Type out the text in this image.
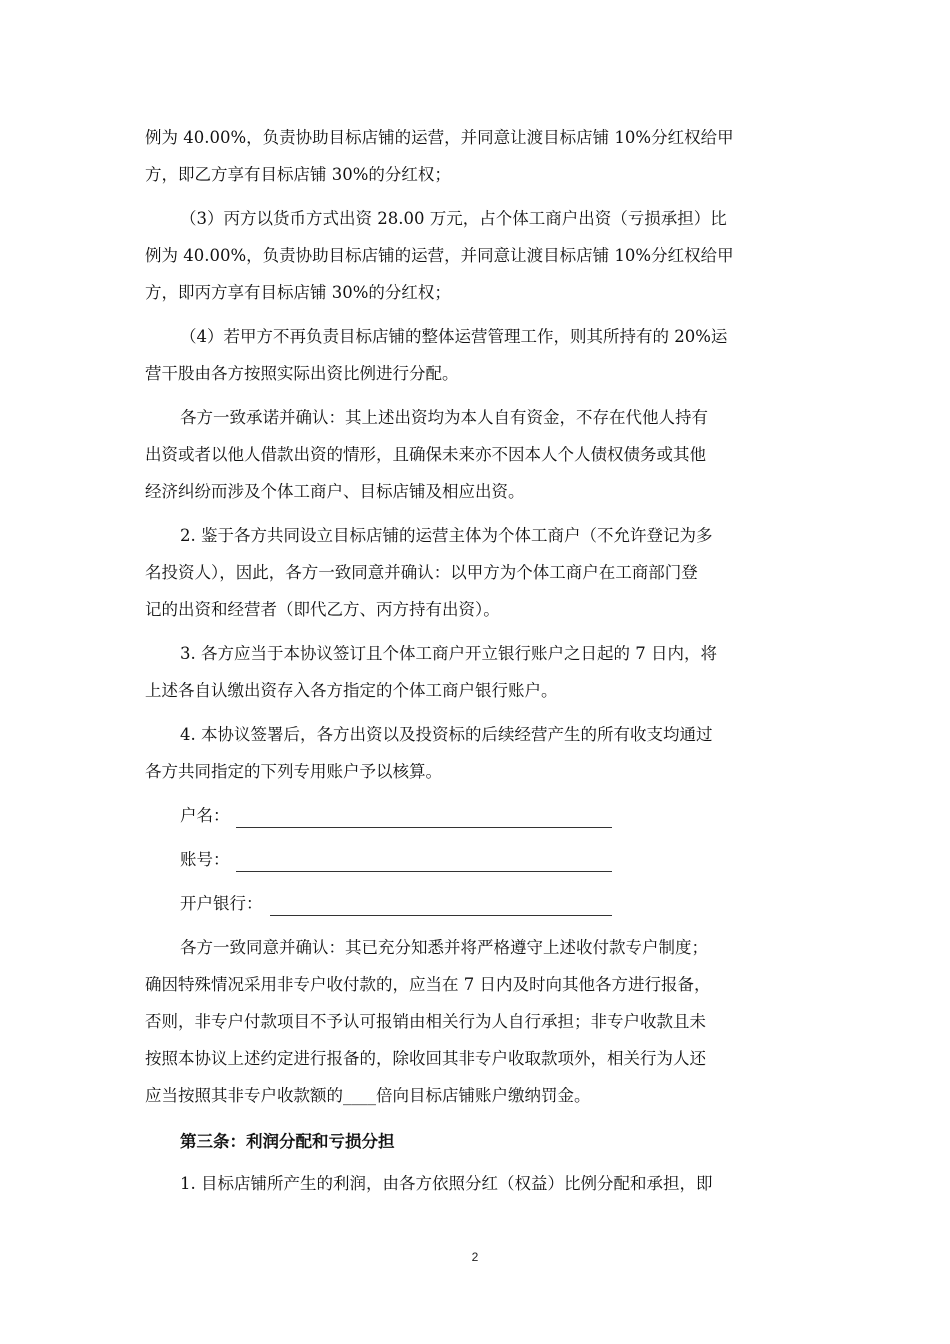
例为 40.00%，负责协助目标店铺的运营，并同意让渡目标店铺 10%分红权给甲
方，即乙方享有目标店铺 30%的分红权；
（3）丙方以货币方式出资 28.00 万元，占个体工商户出资（亏损承担）比
例为 40.00%，负责协助目标店铺的运营，并同意让渡目标店铺 10%分红权给甲
方，即丙方享有目标店铺 30%的分红权；
（4）若甲方不再负责目标店铺的整体运营管理工作，则其所持有的 20%运
营干股由各方按照实际出资比例进行分配。
各方一致承诺并确认：其上述出资均为本人自有资金，不存在代他人持有
出资或者以他人借款出资的情形，且确保未来亦不因本人个人债权债务或其他
经济纠纷而涉及个体工商户、目标店铺及相应出资。
2. 鉴于各方共同设立目标店铺的运营主体为个体工商户（不允许登记为多
名投资人），因此，各方一致同意并确认：以甲方为个体工商户在工商部门登
记的出资和经营者（即代乙方、丙方持有出资）。
3. 各方应当于本协议签订且个体工商户开立银行账户之日起的 7 日内，将
上述各自认缴出资存入各方指定的个体工商户银行账户。
4. 本协议签署后，各方出资以及投资标的后续经营产生的所有收支均通过
各方共同指定的下列专用账户予以核算。
户名：
账号：
开户银行：
各方一致同意并确认：其已充分知悉并将严格遵守上述收付款专户制度；
确因特殊情况采用非专户收付款的，应当在 7 日内及时向其他各方进行报备，
否则，非专户付款项目不予认可报销由相关行为人自行承担；非专户收款且未
按照本协议上述约定进行报备的，除收回其非专户收取款项外，相关行为人还
应当按照其非专户收款额的____倍向目标店铺账户缴纳罚金。
第三条：利润分配和亏损分担
1. 目标店铺所产生的利润，由各方依照分红（权益）比例分配和承担，即
2
